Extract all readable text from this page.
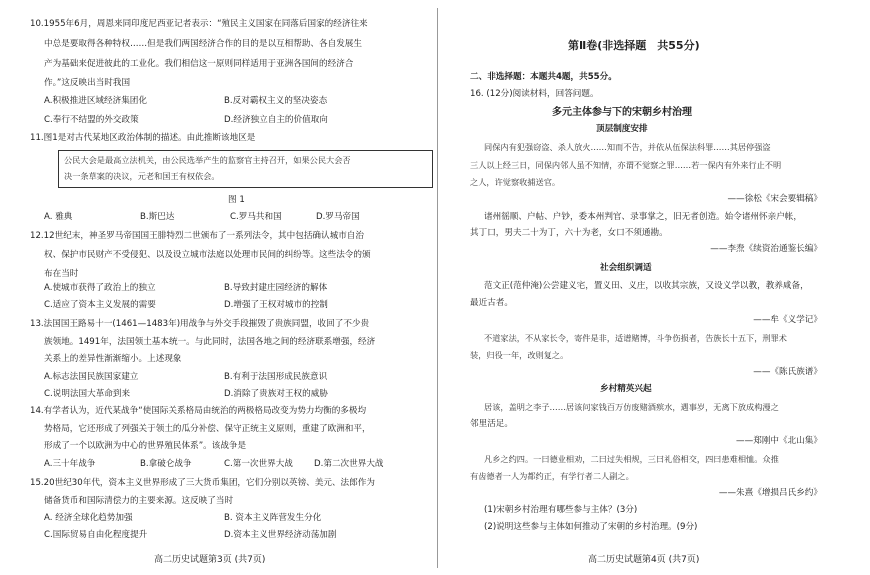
10.1955年6月，周恩来同印度尼西亚记者表示：“殖民主义国家在同落后国家的经济往来
中总是要取得各种特权……但是我们两国经济合作的目的是以互相帮助、各自发展生
产为基础来促进彼此的工业化。我们相信这一原则同样适用于亚洲各国间的经济合
作。”这反映出当时我国
A.积极推进区域经济集团化	B.反对霸权主义的坚决姿态
C.奉行不结盟的外交政策	D.经济独立自主的价值取向
11.图1是对古代某地区政治体制的描述。由此推断该地区是
公民大会是最高立法机关，由公民选举产生的监察官主持召开，如果公民大会否
决一条草案的决议，元老和国王有权依会。
图 1
A. 雅典	B.斯巴达	C.罗马共和国	D.罗马帝国
12.12世纪末，神圣罗马帝国国王腓特烈二世颁布了一系列法令，其中包括确认城市自治
权、保护市民财产不受侵犯、以及设立城市法庭以处理市民间的纠纷等。这些法令的颁
布在当时
A.使城市获得了政治上的独立	B.导致封建庄园经济的解体
C.适应了资本主义发展的需要	D.增强了王权对城市的控制
13.法国国王路易十一(1461—1483年)用战争与外交手段摧毁了贵族同盟，收回了不少贵
族领地。1491年，法国领土基本统一。与此同时，法国各地之间的经济联系增强，经济
关系上的差异性渐渐缩小。上述现象
A.标志法国民族国家建立	B.有利于法国形成民族意识
C.说明法国大革命到来	D.消除了贵族对王权的威胁
14.有学者认为，近代某战争“使国际关系格局由统治的两极格局改变为势力均衡的多极均
势格局，它还形成了列强关于领土的瓜分补偿、保守正统主义原则，重建了欧洲和平，
形成了一个以欧洲为中心的世界殖民体系”。该战争是
A.三十年战争	B.拿破仑战争	C.第一次世界大战 D.第二次世界大战
15.20世纪30年代，资本主义世界形成了三大货币集团，它们分别以英镑、美元、法郎作为
储备货币和国际清偿力的主要来源。这反映了当时
A. 经济全球化趋势加强	B. 资本主义阵营发生分化
C.国际贸易自由化程度提升	D.资本主义世界经济动荡加剧
高二历史试题第3页 (共7页)
第Ⅱ卷(非选择题　共55分)
二、非选择题：本题共4题，共55分。
16. (12分)阅读材料，回答问题。
多元主体参与下的宋朝乡村治理
顶层制度安排
同保内有犯强窃盗、杀人放火……知而不告，并依从伍保法科罪……其居停强盗
三人以上经三日，同保内邻人虽不知情，亦谓不觉察之罪……若一保内有外来行止不明
之人，许觉察收捕送官。
——徐松《宋会要辑稿》
诸州徭顺、户帖、户钞，委本州判官、录事掌之，旧无者创造。始令诸州怀亲户帐，
其丁口，男夫二十为丁，六十为老，女口不须通勘。
——李焘《续资治通鉴长编》
社会组织调适
范文正(范仲淹)公尝建义宅，置义田、义庄，以收其宗族，又设义学以教，教养咸备，
最近古者。
——牟《义学记》
不道家法，不从家长令，寄件是非，适谱赌博，斗争伤损者，告族长十五下，刑罪术
装，归役一年，改则复之。
——《陈氏族谱》
乡村精英兴起
居该，盖明之李子……居该问家钱百万仿废赌酒殡水，遇事岁，无离下放成构漫之
邻里活足。
——郑刚中《北山集》
凡乡之约四。一曰德业相劝，二曰过失相规，三曰礼俗相交，四曰患难相恤。众推
有齿德者一人为都约正，有学行者二人副之。
——朱熹《增损吕氏乡约》
(1)宋朝乡村治理有哪些参与主体？(3分)
(2)说明这些参与主体如何推动了宋朝的乡村治理。(9分)
高二历史试题第4页 (共7页)
